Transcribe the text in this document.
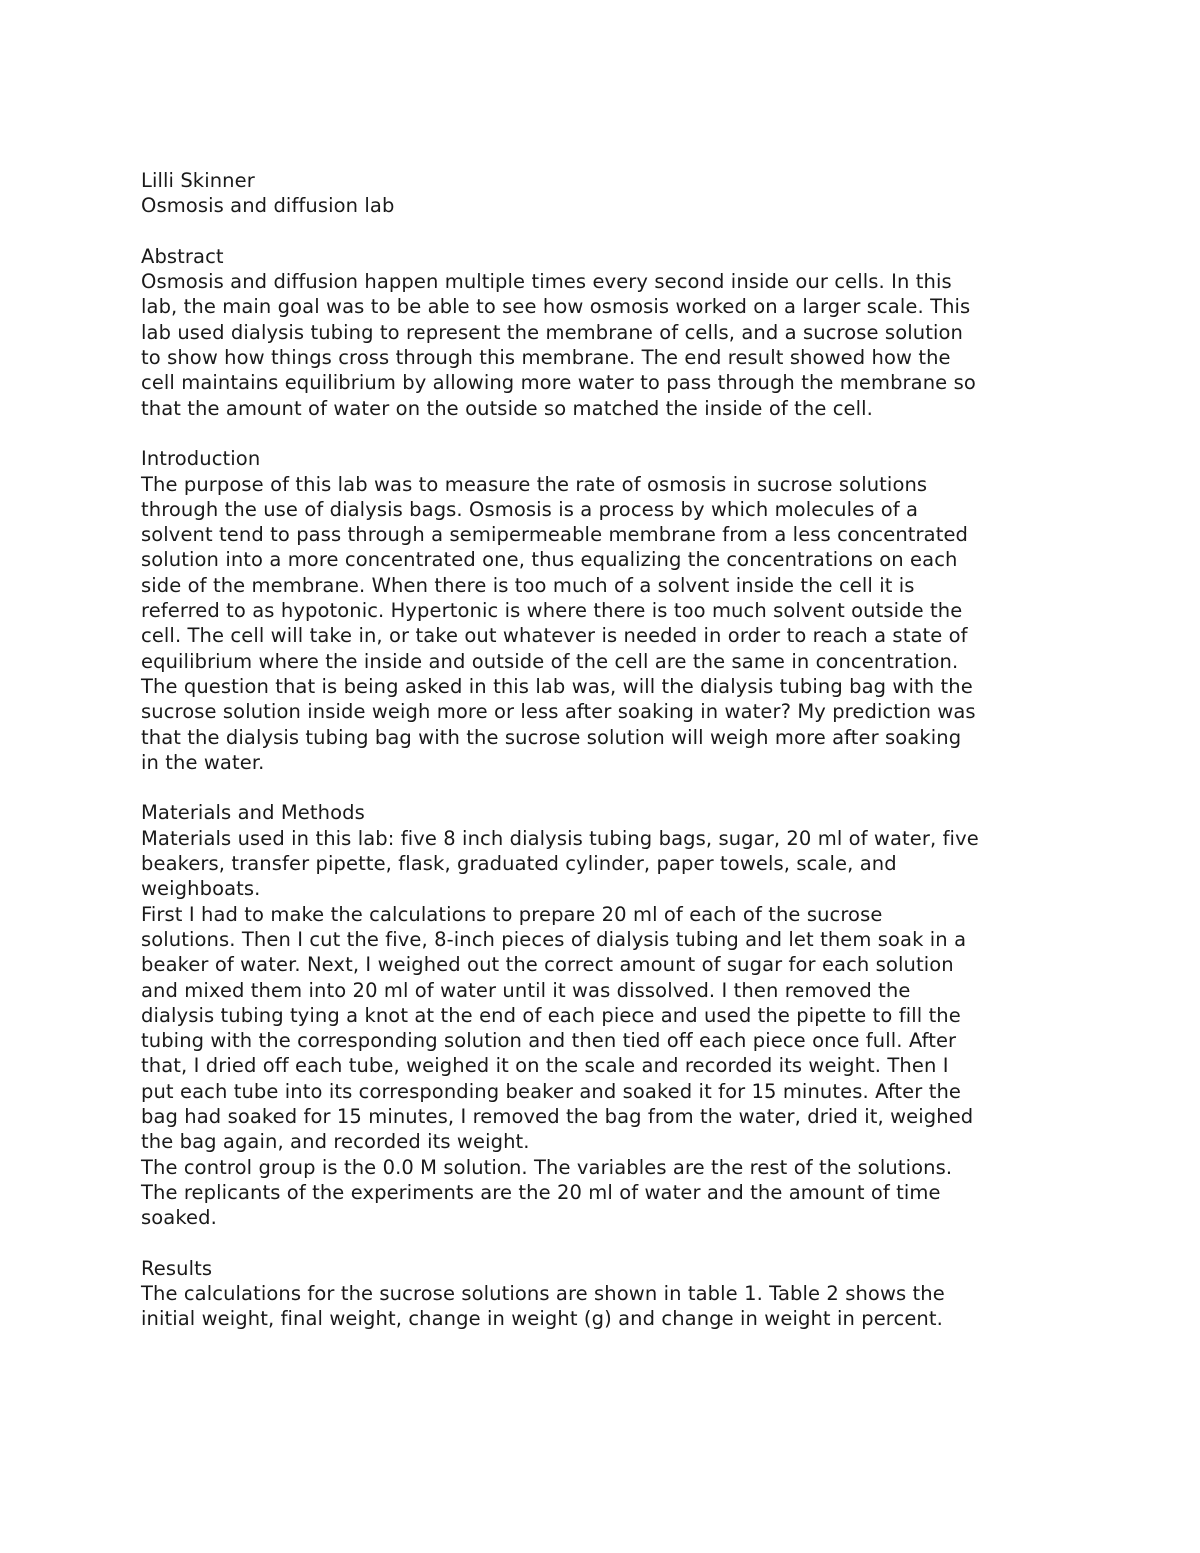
Lilli Skinner
Osmosis and diffusion lab
Abstract
Osmosis and diffusion happen multiple times every second inside our cells. In this
lab, the main goal was to be able to see how osmosis worked on a larger scale. This
lab used dialysis tubing to represent the membrane of cells, and a sucrose solution
to show how things cross through this membrane. The end result showed how the
cell maintains equilibrium by allowing more water to pass through the membrane so
that the amount of water on the outside so matched the inside of the cell.
Introduction
The purpose of this lab was to measure the rate of osmosis in sucrose solutions
through the use of dialysis bags. Osmosis is a process by which molecules of a
solvent tend to pass through a semipermeable membrane from a less concentrated
solution into a more concentrated one, thus equalizing the concentrations on each
side of the membrane. When there is too much of a solvent inside the cell it is
referred to as hypotonic. Hypertonic is where there is too much solvent outside the
cell. The cell will take in, or take out whatever is needed in order to reach a state of
equilibrium where the inside and outside of the cell are the same in concentration.
The question that is being asked in this lab was, will the dialysis tubing bag with the
sucrose solution inside weigh more or less after soaking in water? My prediction was
that the dialysis tubing bag with the sucrose solution will weigh more after soaking
in the water.
Materials and Methods
Materials used in this lab: five 8 inch dialysis tubing bags, sugar, 20 ml of water, five
beakers, transfer pipette, flask, graduated cylinder, paper towels, scale, and
weighboats.
First I had to make the calculations to prepare 20 ml of each of the sucrose
solutions. Then I cut the five, 8-inch pieces of dialysis tubing and let them soak in a
beaker of water. Next, I weighed out the correct amount of sugar for each solution
and mixed them into 20 ml of water until it was dissolved. I then removed the
dialysis tubing tying a knot at the end of each piece and used the pipette to fill the
tubing with the corresponding solution and then tied off each piece once full. After
that, I dried off each tube, weighed it on the scale and recorded its weight. Then I
put each tube into its corresponding beaker and soaked it for 15 minutes. After the
bag had soaked for 15 minutes, I removed the bag from the water, dried it, weighed
the bag again, and recorded its weight.
The control group is the 0.0 M solution. The variables are the rest of the solutions.
The replicants of the experiments are the 20 ml of water and the amount of time
soaked.
Results
The calculations for the sucrose solutions are shown in table 1. Table 2 shows the
initial weight, final weight, change in weight (g) and change in weight in percent.
